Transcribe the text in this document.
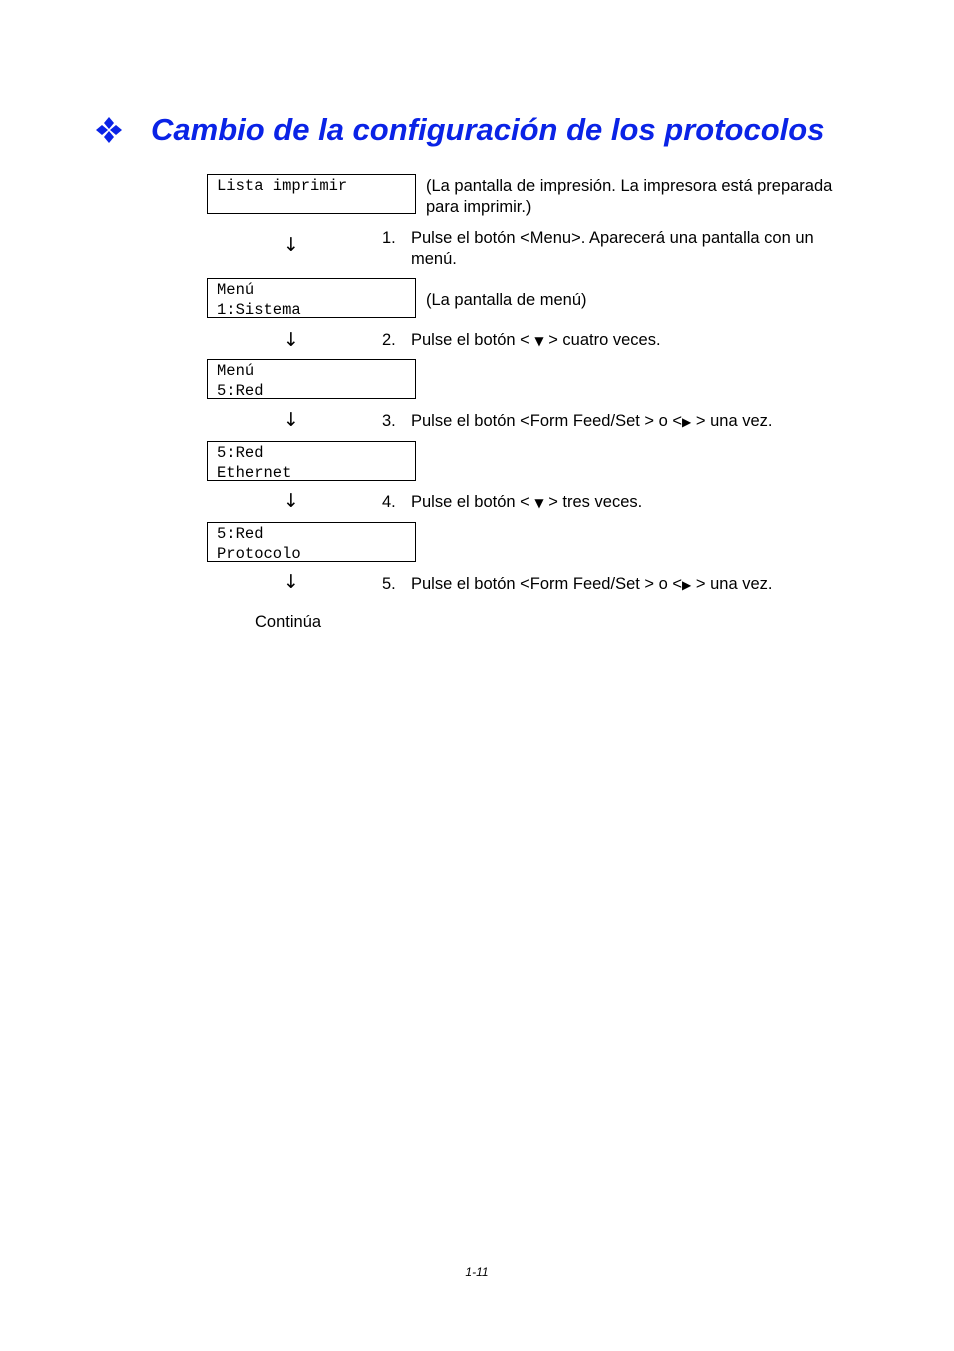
Cambio de la configuración de los protocolos
Lista imprimir	(La pantalla de impresión. La impresora está preparada para imprimir.)
↓	1. Pulse el botón <Menu>. Aparecerá una pantalla con un menú.
Menú
1:Sistema
(La pantalla de menú)
↓	2. Pulse el botón < ▼ > cuatro veces.
Menú
5:Red
↓	3. Pulse el botón <Form Feed/Set > o <▶ > una vez.
5:Red
Ethernet
↓	4. Pulse el botón < ▼ > tres veces.
5:Red
Protocolo
↓	5. Pulse el botón <Form Feed/Set > o <▶ > una vez.
Continúa
1-11
